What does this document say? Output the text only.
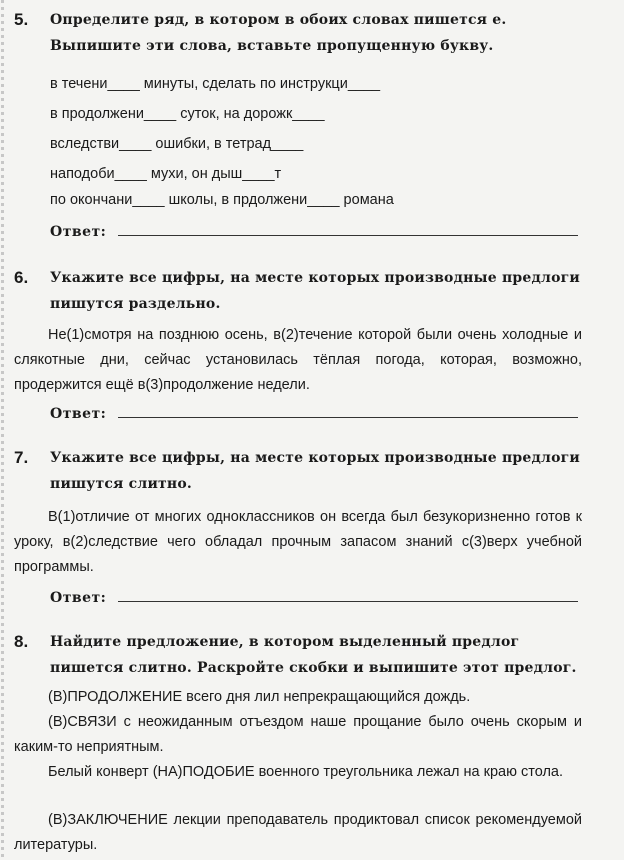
5. Определите ряд, в котором в обоих словах пишется е. Выпишите эти слова, вставьте пропущенную букву.
в течени____ минуты, сделать по инструкци____
в продолжени____ суток, на дорожк____
вследстви____ ошибки, в тетрад____
наподоби____ мухи, он дыш____т
по окончани____ школы, в прдолжени____ романа
Ответ:
6. Укажите все цифры, на месте которых производные предлоги пишутся раздельно.
Не(1)смотря на позднюю осень, в(2)течение которой были очень холодные и слякотные дни, сейчас установилась тёплая погода, которая, возможно, продержится ещё в(3)продолжение недели.
Ответ:
7. Укажите все цифры, на месте которых производные предлоги пишутся слитно.
В(1)отличие от многих одноклассников он всегда был безукоризненно готов к уроку, в(2)следствие чего обладал прочным запасом знаний с(3)верх учебной программы.
Ответ:
8. Найдите предложение, в котором выделенный предлог пишется слитно. Раскройте скобки и выпишите этот предлог.
(В)ПРОДОЛЖЕНИЕ всего дня лил непрекращающийся дождь.
(В)СВЯЗИ с неожиданным отъездом наше прощание было очень скорым и каким-то неприятным.
Белый конверт (НА)ПОДОБИЕ военного треугольника лежал на краю стола.
(В)ЗАКЛЮЧЕНИЕ лекции преподаватель продиктовал список рекомендуемой литературы.
